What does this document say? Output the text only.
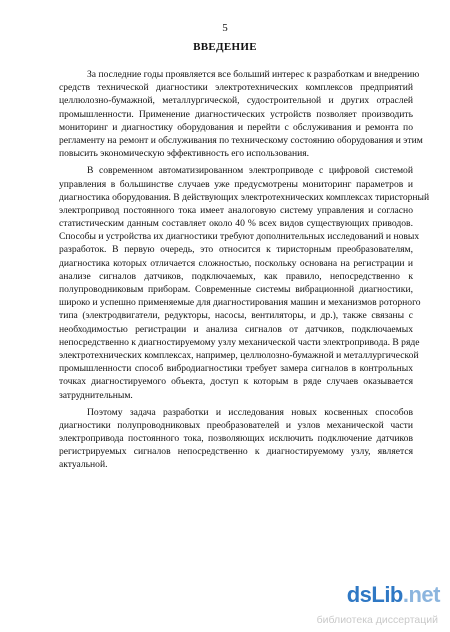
5
ВВЕДЕНИЕ
За последние годы проявляется все больший интерес к разработкам и внедрению
средств технической диагностики электротехнических комплексов предприятий
целлюлозно-бумажной, металлургической, судостроительной и других отраслей
промышленности. Применение диагностических устройств позволяет производить
мониторинг и диагностику оборудования и перейти с обслуживания и ремонта по
регламенту на ремонт и обслуживания по техническому состоянию оборудования и этим
повысить экономическую эффективность его использования.
В современном автоматизированном электроприводе с цифровой системой
управления в большинстве случаев уже предусмотрены мониторинг параметров и
диагностика оборудования. В действующих электротехнических комплексах тиристорный
электропривод постоянного тока имеет аналоговую систему управления и согласно
статистическим данным составляет около 40 % всех видов существующих приводов.
Способы и устройства их диагностики требуют дополнительных исследований и новых
разработок. В первую очередь, это относится к тиристорным преобразователям,
диагностика которых отличается сложностью, поскольку основана на регистрации и
анализе сигналов датчиков, подключаемых, как правило, непосредственно к
полупроводниковым приборам. Современные системы вибрационной диагностики,
широко и успешно применяемые для диагностирования машин и механизмов роторного
типа (электродвигатели, редукторы, насосы, вентиляторы, и др.), также связаны с
необходимостью регистрации и анализа сигналов от датчиков, подключаемых
непосредственно к диагностируемому узлу механической части электропривода. В ряде
электротехнических комплексах, например, целлюлозно-бумажной и металлургической
промышленности способ вибродиагностики требует замера сигналов в контрольных
точках диагностируемого объекта, доступ к которым в ряде случаев оказывается
затруднительным.
Поэтому задача разработки и исследования новых косвенных способов
диагностики полупроводниковых преобразователей и узлов механической части
электропривода постоянного тока, позволяющих исключить подключение датчиков
регистрируемых сигналов непосредственно к диагностируемому узлу, является
актуальной.
dsLib.net
библиотека диссертаций
